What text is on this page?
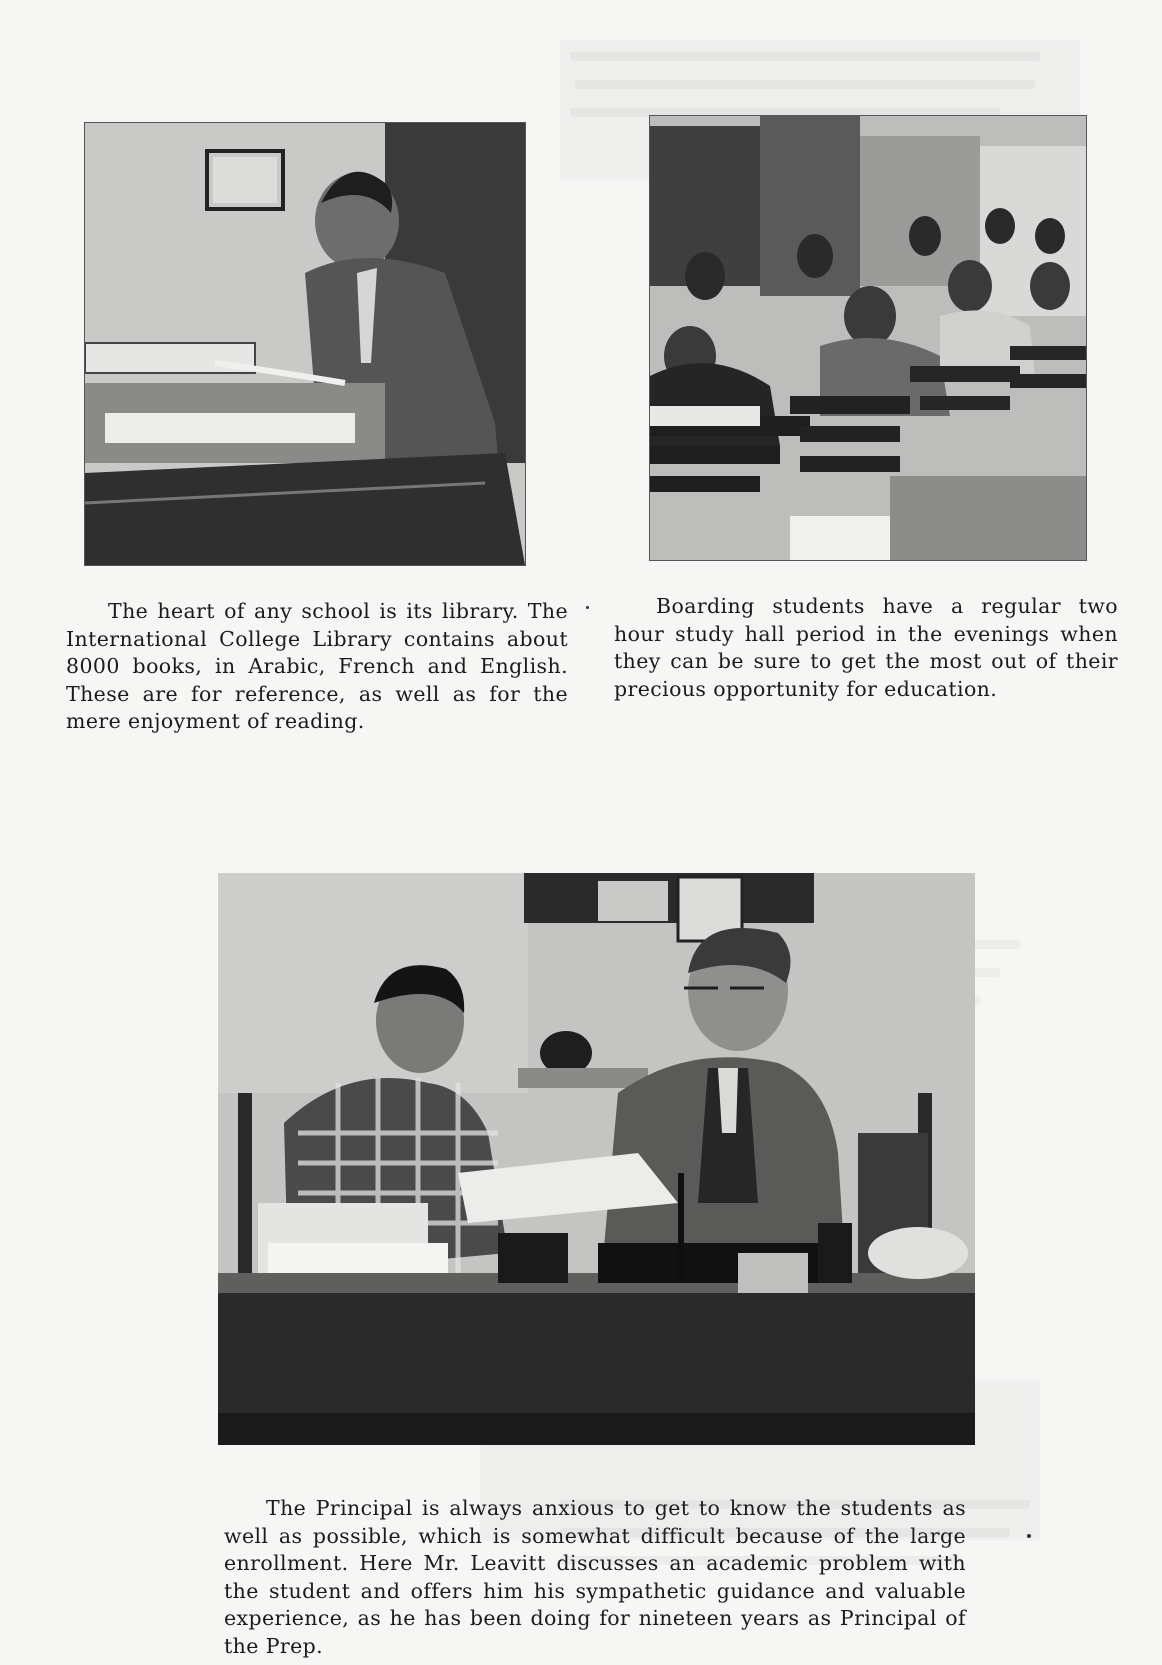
The heart of any school is its library. The International College Library contains about 8000 books, in Arabic, French and English. These are for reference, as well as for the mere enjoyment of reading.

Boarding students have a regular two hour study hall period in the evenings when they can be sure to get the most out of their precious opportunity for education.

The Principal is always anxious to get to know the students as well as possible, which is somewhat difficult because of the large enrollment. Here Mr. Leavitt discusses an academic problem with the student and offers him his sympathetic guidance and valuable experience, as he has been doing for nineteen years as Principal of the Prep.
